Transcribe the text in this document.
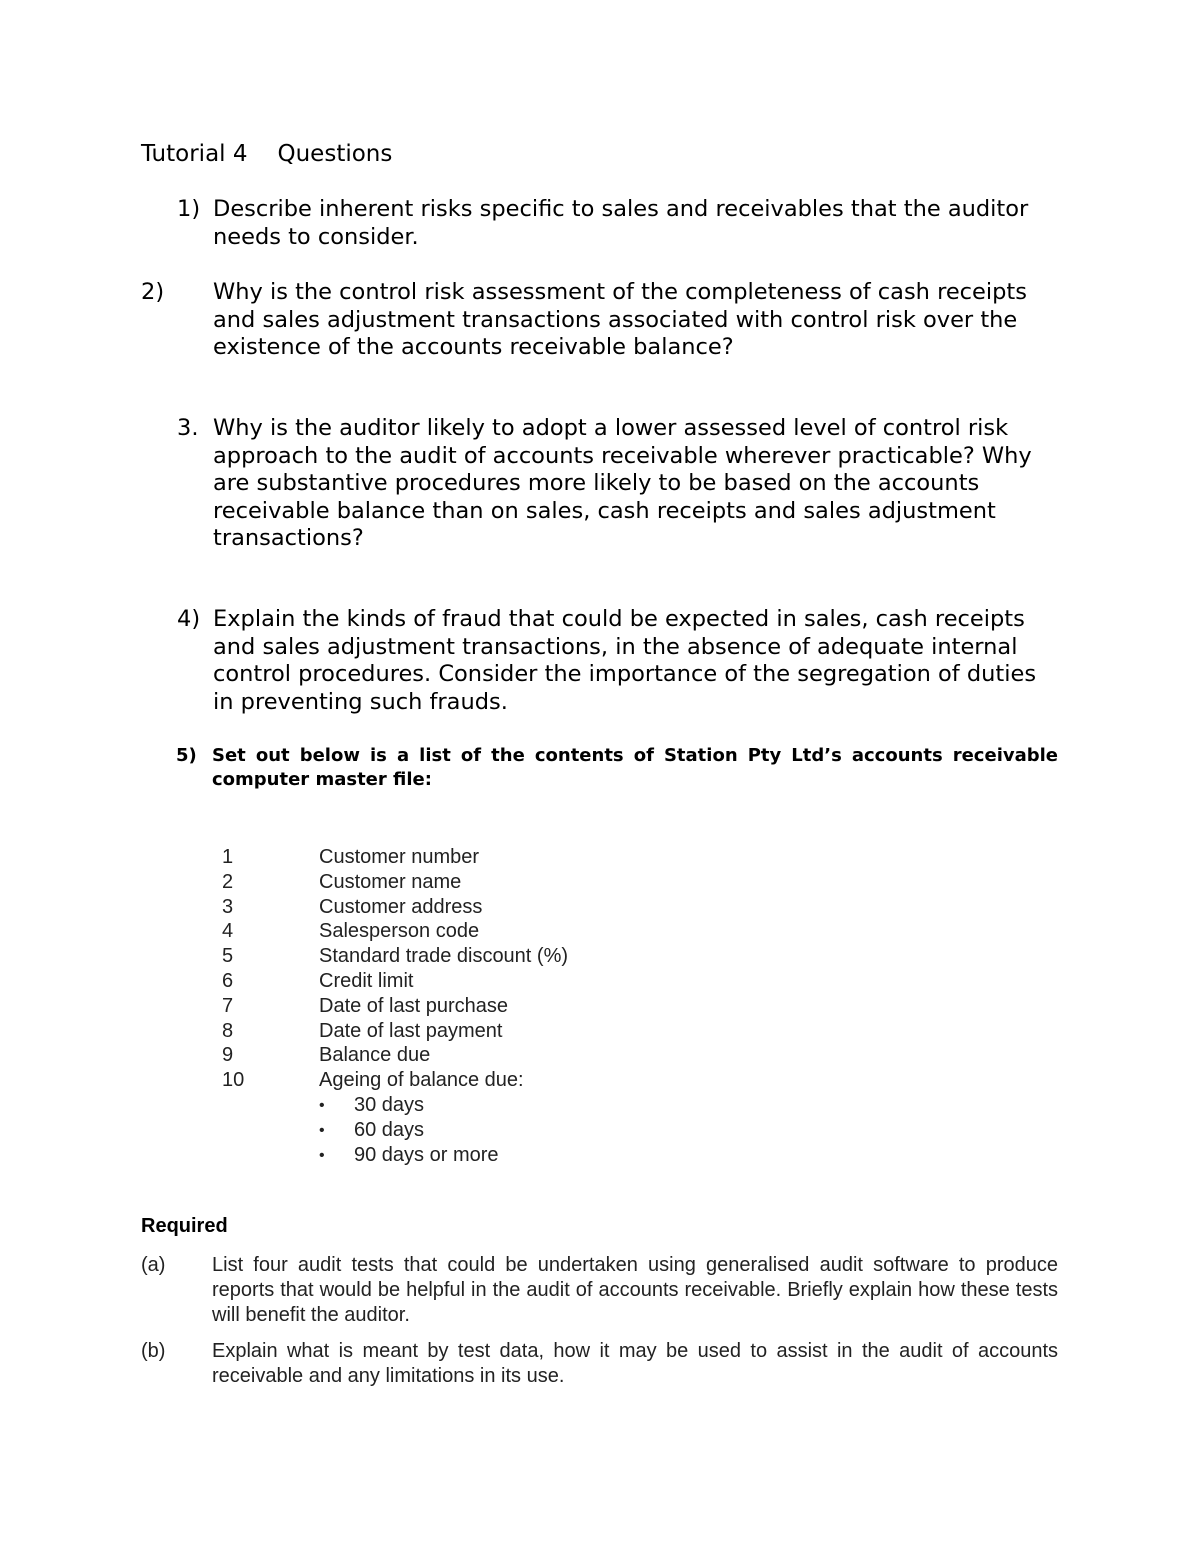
Tutorial 4 Questions
1) Describe inherent risks specific to sales and receivables that the auditor needs to consider.
2) Why is the control risk assessment of the completeness of cash receipts and sales adjustment transactions associated with control risk over the existence of the accounts receivable balance?
3. Why is the auditor likely to adopt a lower assessed level of control risk approach to the audit of accounts receivable wherever practicable? Why are substantive procedures more likely to be based on the accounts receivable balance than on sales, cash receipts and sales adjustment transactions?
4) Explain the kinds of fraud that could be expected in sales, cash receipts and sales adjustment transactions, in the absence of adequate internal control procedures. Consider the importance of the segregation of duties in preventing such frauds.
5) Set out below is a list of the contents of Station Pty Ltd’s accounts receivable computer master file:
1	Customer number
2	Customer name
3	Customer address
4	Salesperson code
5	Standard trade discount (%)
6	Credit limit
7	Date of last purchase
8	Date of last payment
9	Balance due
10	Ageing of balance due:
• 30 days
• 60 days
• 90 days or more
Required
(a) List four audit tests that could be undertaken using generalised audit software to produce reports that would be helpful in the audit of accounts receivable. Briefly explain how these tests will benefit the auditor.
(b) Explain what is meant by test data, how it may be used to assist in the audit of accounts receivable and any limitations in its use.
